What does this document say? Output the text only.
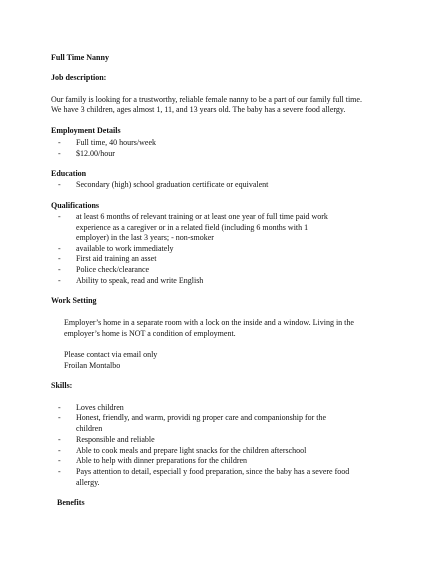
Full Time Nanny
Job description:
Our family is looking for a trustworthy, reliable female nanny to be a part of our family full time.
We have 3 children, ages almost 1, 11, and 13 years old. The baby has a severe food allergy.
Employment Details
- Full time, 40 hours/week
- $12.00/hour
Education
- Secondary (high) school graduation certificate or equivalent
Qualifications
- at least 6 months of relevant training or at least one year of full time paid work
experience as a caregiver or in a related field (including 6 months with 1
employer) in the last 3 years; - non-smoker
- available to work immediately
- First aid training an asset
- Police check/clearance
- Ability to speak, read and write English
Work Setting
Employer’s home in a separate room with a lock on the inside and a window. Living in the
employer’s home is NOT a condition of employment.
Please contact via email only
Froilan Montalbo
Skills:
- Loves children
- Honest, friendly, and warm, providi ng proper care and companionship for the
children
- Responsible and reliable
- Able to cook meals and prepare light snacks for the children afterschool
- Able to help with dinner preparations for the children
- Pays attention to detail, especiall y food preparation, since the baby has a severe food
allergy.
Benefits
